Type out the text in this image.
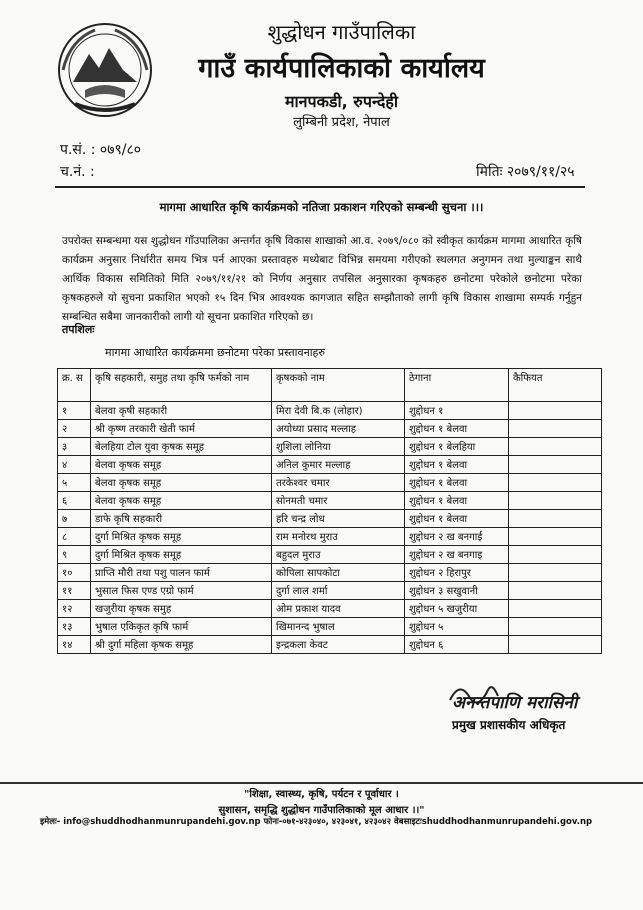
शुद्धोधन गाउँपालिका
गाउँ कार्यपालिकाको कार्यालय
मानपकडी, रुपन्देही
लुम्बिनी प्रदेश, नेपाल
प.सं. : ०७९/८०
च.नं. :	मितिः २०७९/११/२५
मागमा आधारित कृषि कार्यक्रमको नतिजा प्रकाशन गरिएको सम्बन्धी सुचना ।।।
उपरोक्त सम्बन्धमा यस शुद्धोधन गाँउपालिका अन्तर्गत कृषि विकास शाखाको आ.व. २०७९/०८० को स्वीकृत कार्यक्रम मागमा आधारित कृषि कार्यक्रम अनुसार निर्धारीत समय भित्र पर्न आएका प्रस्तावहरु मध्येबाट विभिन्न समयमा गरीएको स्थलगत अनुगमन तथा मुल्याङ्कन साथै आर्थिक विकास समितिको मिति २०७९/११/२१ को निर्णय अनुसार तपसिल अनुसारका कृषकहरु छनोटमा परेकोले छनोटमा परेका कृषकहरुले यो सुचना प्रकाशित भएको १५ दिन भित्र आवश्यक कागजात सहित सम्झौताको लागी कृषि विकास शाखामा सम्पर्क गर्नुहुन सम्बन्धित सबैमा जानकारीको लागी यो सूचना प्रकाशित गरिएको छ।
तपशिलः
मागमा आधारित कार्यक्रममा छनोटमा परेका प्रस्तावनाहरु
क्र. स	कृषि सहकारी, समुह तथा कृषि फर्मको नाम	कृषकको नाम	ठेगाना	कैफियत
१	बेलवा कृषी सहकारी	मिरा देवी बि.क (लोहार)	शुद्दोधन १	
२	श्री कृष्ण तरकारी खेती फार्म	अयोध्या प्रसाद मल्लाह	शुद्दोधन १ बेलवा	
३	बेलहिया टोल युवा कृषक समूह	शुशिला लोनिया	शुद्दोधन १ बेलहिया	
४	बेलवा कृषक समूह	अनिल कुमार मल्लाह	शुद्दोधन १ बेलवा	
५	बेलवा कृषक समूह	तरकेश्वर चमार	शुद्दोधन १ बेलवा	
६	बेलवा कृषक समूह	सोनमती चमार	शुद्दोधन १ बेलवा	
७	डाफे कृषि सहकारी	हरि चन्द्र लोध	शुद्दोधन १ बेलवा	
८	दुर्गा मिश्रित कृषक समूह	राम मनोरथ मुराउ	शुद्दोधन २ ख बनगाई	
९	दुर्गा मिश्रित कृषक समूह	बहुदल मुराउ	शुद्दोधन २ ख बनगाइ	
१०	प्राप्ति मौरी तथा पशु पालन फार्म	कोपिला सापकोटा	शुद्दोधन २ हिरापुर	
११	भुसाल फिस एण्ड एग्रो फार्म	दुर्गा लाल शर्मा	शुद्दोधन ३ सखुवानी	
१२	खजुरीया कृषक समुह	ओम प्रकाश यादव	शुद्दोधन ५ खजुरीया	
१३	भुषाल एकिकृत कृषि फार्म	खिमानन्द भुषाल	शुद्दोधन ५	
१४	श्री दुर्गा महिला कृषक समूह	इन्द्रकला केवट	शुद्दोधन ६	
अनन्तपाणि मरासिनी
प्रमुख प्रशासकीय अधिकृत
"शिक्षा, स्वास्थ्य, कृषि, पर्यटन र पूर्वाधार ।
सुशासन, समृद्धि शुद्धोधन गाउँपालिकाको मूल आधार ।।"
इमेलः- info@shuddhodhanmunrupandehi.gov.np फोनः-०७१-४२३०४०, ४२३०४१, ४२३०४२ वेबसाइटःshuddhodhanmunrupandehi.gov.np
